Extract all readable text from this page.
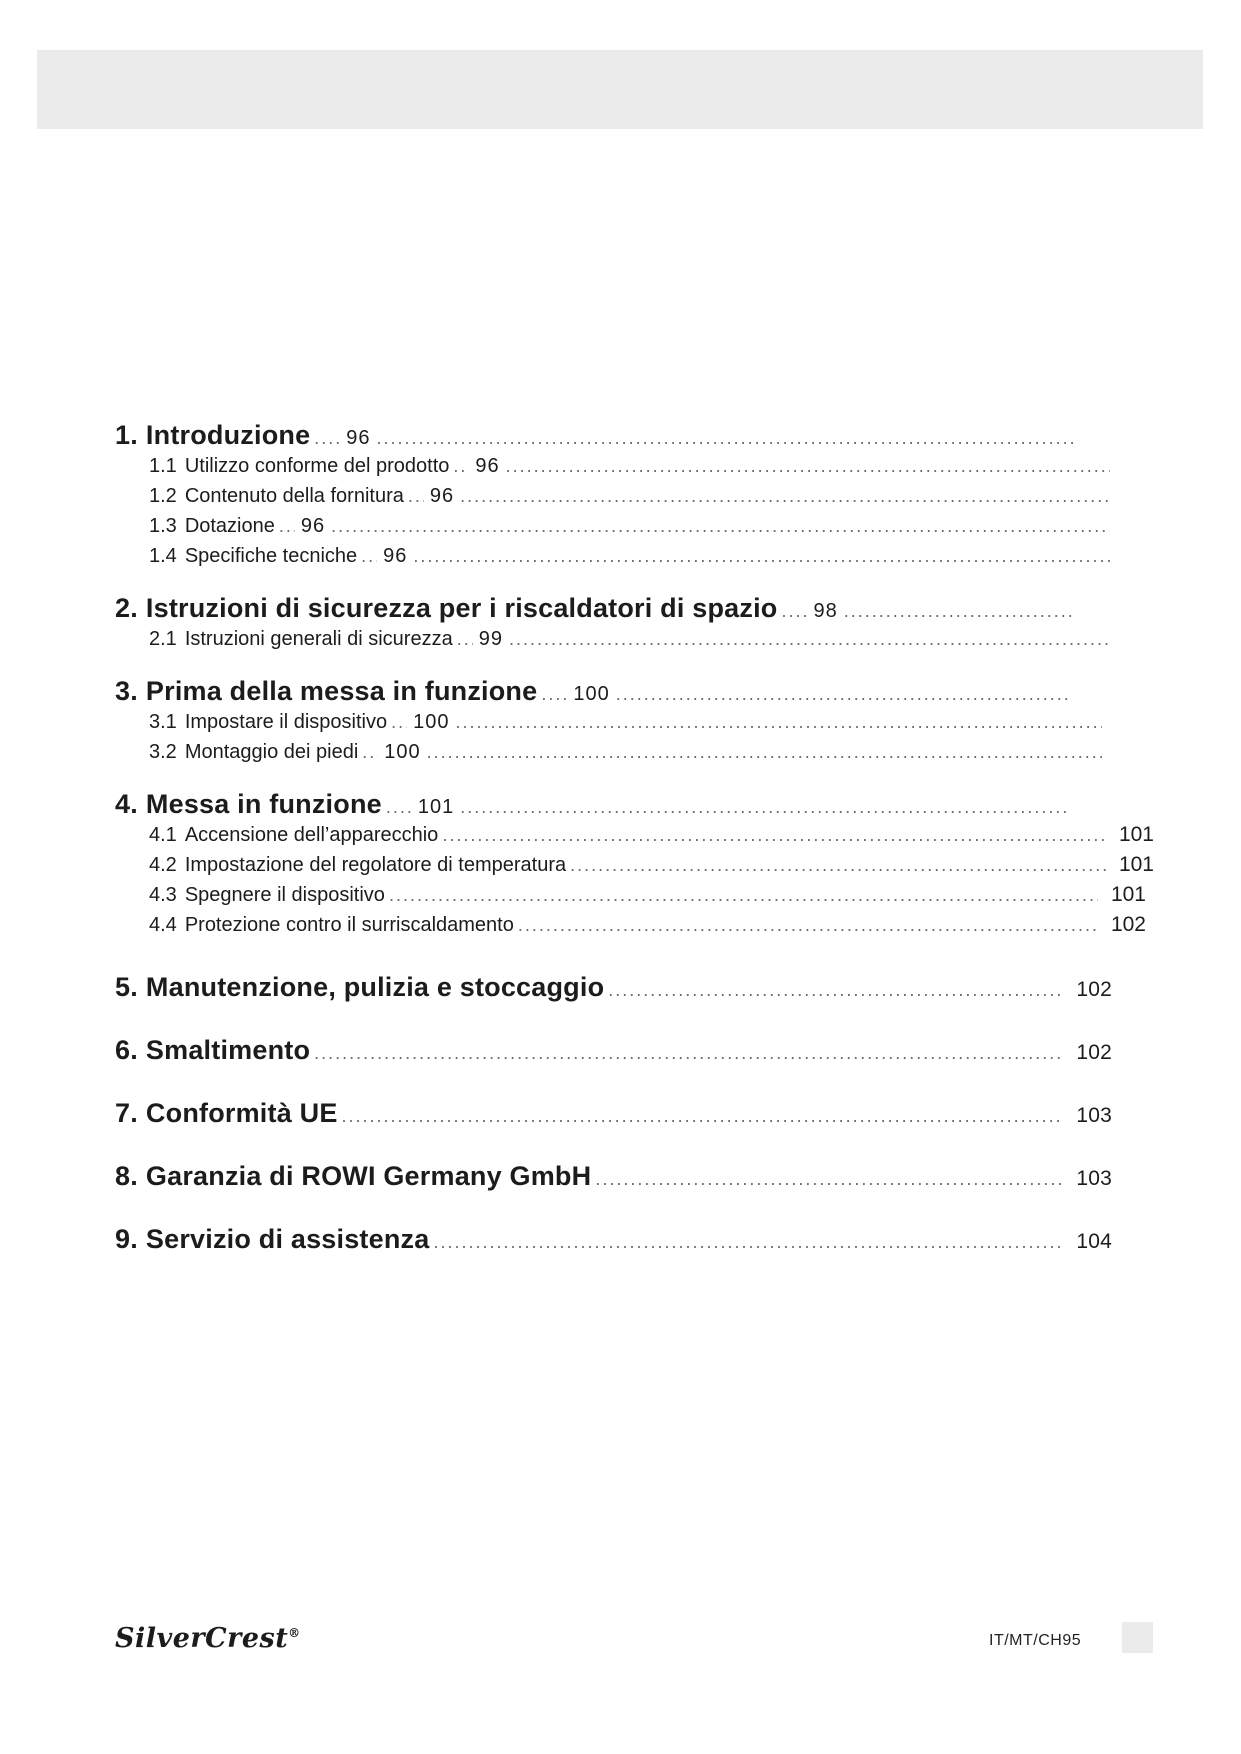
1. Introduzione ..... 96
.....
1.1 Utilizzo conforme del prodotto ..... 96
.....
1.2 Contenuto della fornitura ..... 96
.....
1.3 Dotazione ..... 96
.....
1.4 Specifiche tecniche ..... 96
.....
2. Istruzioni di sicurezza per i riscaldatori di spazio ..... 98
.....
2.1 Istruzioni generali di sicurezza ..... 99
.....
3. Prima della messa in funzione ..... 100
.....
3.1 Impostare il dispositivo ..... 100
.....
3.2 Montaggio dei piedi ..... 100
.....
4. Messa in funzione ..... 101
.....
4.1 Accensione dell’apparecchio .....	101
4.2 Impostazione del regolatore di temperatura .....	101
4.3 Spegnere il dispositivo .....	101
4.4 Protezione contro il surriscaldamento .....	102
5. Manutenzione, pulizia e stoccaggio .....	102
6. Smaltimento .....	102
7. Conformità UE .....	103
8. Garanzia di ROWI Germany GmbH .....	103
9. Servizio di assistenza .....	104
SilverCrest®	IT/MT/CH95
